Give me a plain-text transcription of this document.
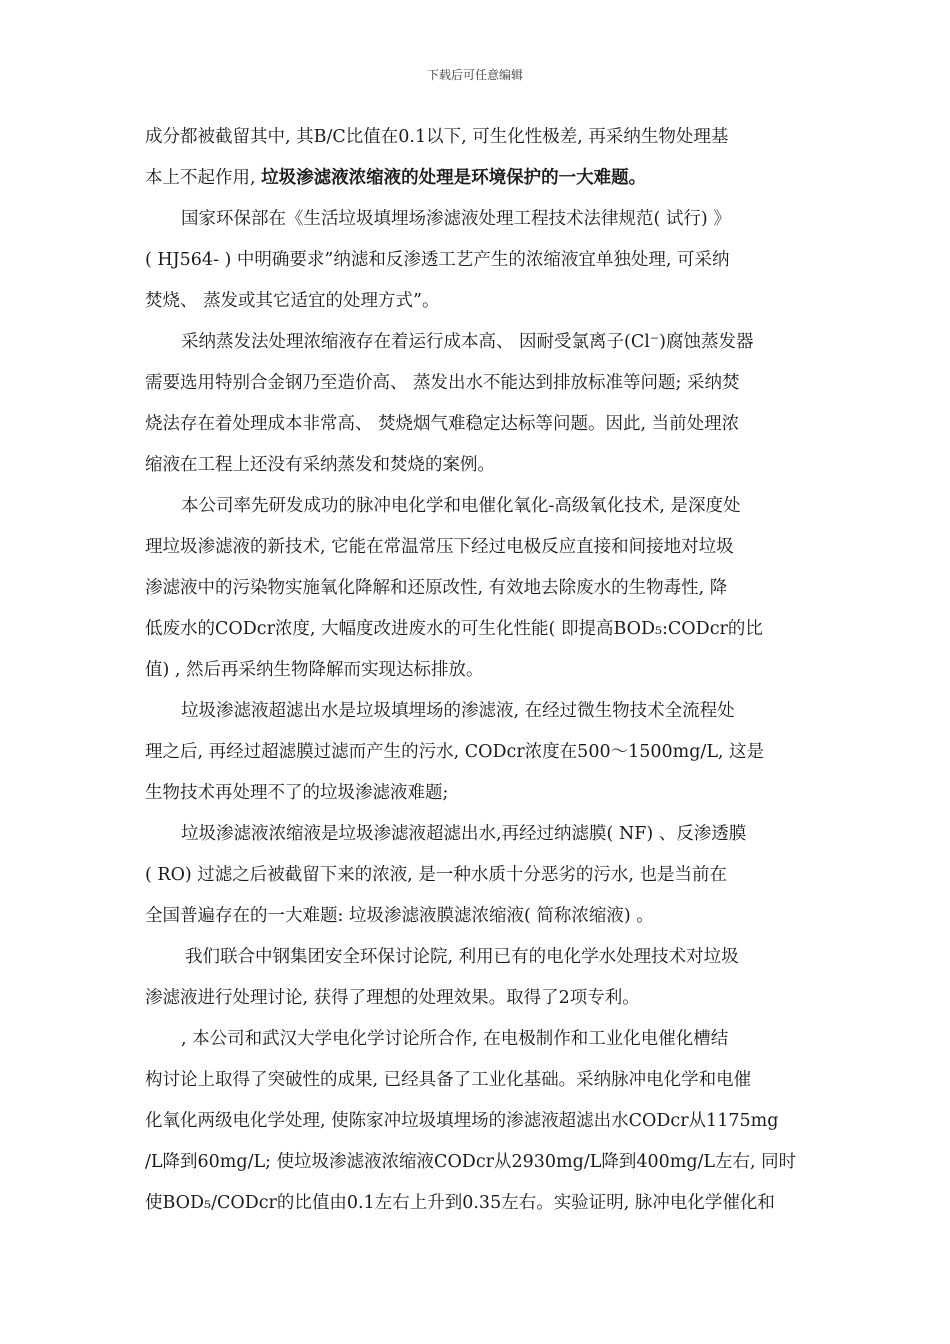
下载后可任意编辑
成分都被截留其中, 其B/C比值在0.1以下, 可生化性极差, 再采纳生物处理基
本上不起作用, 垃圾渗滤液浓缩液的处理是环境保护的一大难题。
国家环保部在《生活垃圾填埋场渗滤液处理工程技术法律规范( 试行) 》
( HJ564- ) 中明确要求”纳滤和反渗透工艺产生的浓缩液宜单独处理, 可采纳
焚烧、 蒸发或其它适宜的处理方式”。
采纳蒸发法处理浓缩液存在着运行成本高、 因耐受氯离子(Cl⁻)腐蚀蒸发器
需要选用特别合金钢乃至造价高、 蒸发出水不能达到排放标准等问题; 采纳焚
烧法存在着处理成本非常高、 焚烧烟气难稳定达标等问题。因此, 当前处理浓
缩液在工程上还没有采纳蒸发和焚烧的案例。
本公司率先研发成功的脉冲电化学和电催化氧化-高级氧化技术, 是深度处
理垃圾渗滤液的新技术, 它能在常温常压下经过电极反应直接和间接地对垃圾
渗滤液中的污染物实施氧化降解和还原改性, 有效地去除废水的生物毒性, 降
低废水的CODcr浓度, 大幅度改进废水的可生化性能( 即提高BOD₅:CODcr的比
值) , 然后再采纳生物降解而实现达标排放。
垃圾渗滤液超滤出水是垃圾填埋场的渗滤液, 在经过微生物技术全流程处
理之后, 再经过超滤膜过滤而产生的污水, CODcr浓度在500～1500mg/L, 这是
生物技术再处理不了的垃圾渗滤液难题;
垃圾渗滤液浓缩液是垃圾渗滤液超滤出水,再经过纳滤膜( NF) 、反渗透膜
( RO) 过滤之后被截留下来的浓液, 是一种水质十分恶劣的污水, 也是当前在
全国普遍存在的一大难题: 垃圾渗滤液膜滤浓缩液( 简称浓缩液) 。
我们联合中钢集团安全环保讨论院, 利用已有的电化学水处理技术对垃圾
渗滤液进行处理讨论, 获得了理想的处理效果。取得了2项专利。
, 本公司和武汉大学电化学讨论所合作, 在电极制作和工业化电催化槽结
构讨论上取得了突破性的成果, 已经具备了工业化基础。采纳脉冲电化学和电催
化氧化两级电化学处理, 使陈家冲垃圾填埋场的渗滤液超滤出水CODcr从1175mg
/L降到60mg/L; 使垃圾渗滤液浓缩液CODcr从2930mg/L降到400mg/L左右, 同时
使BOD₅/CODcr的比值由0.1左右上升到0.35左右。实验证明, 脉冲电化学催化和
